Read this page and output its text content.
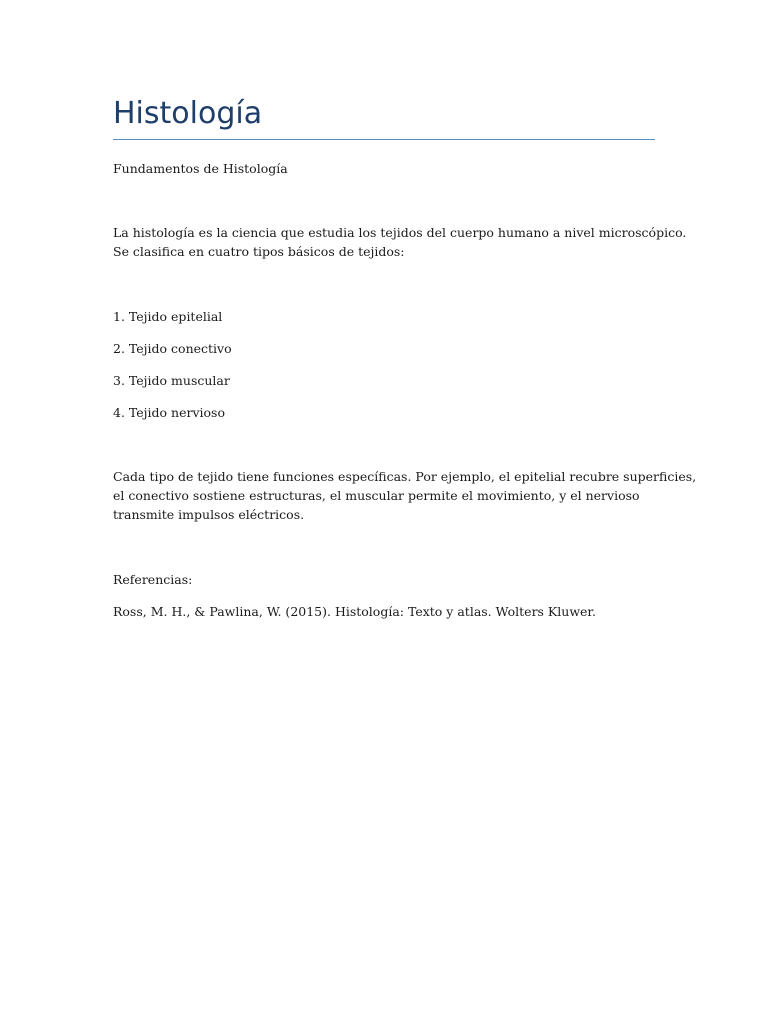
Histología

Fundamentos de Histología

La histología es la ciencia que estudia los tejidos del cuerpo humano a nivel microscópico.

Se clasifica en cuatro tipos básicos de tejidos:

1. Tejido epitelial

2. Tejido conectivo

3. Tejido muscular

4. Tejido nervioso

Cada tipo de tejido tiene funciones específicas. Por ejemplo, el epitelial recubre superficies,

el conectivo sostiene estructuras, el muscular permite el movimiento, y el nervioso

transmite impulsos eléctricos.

Referencias:

Ross, M. H., & Pawlina, W. (2015). Histología: Texto y atlas. Wolters Kluwer.
